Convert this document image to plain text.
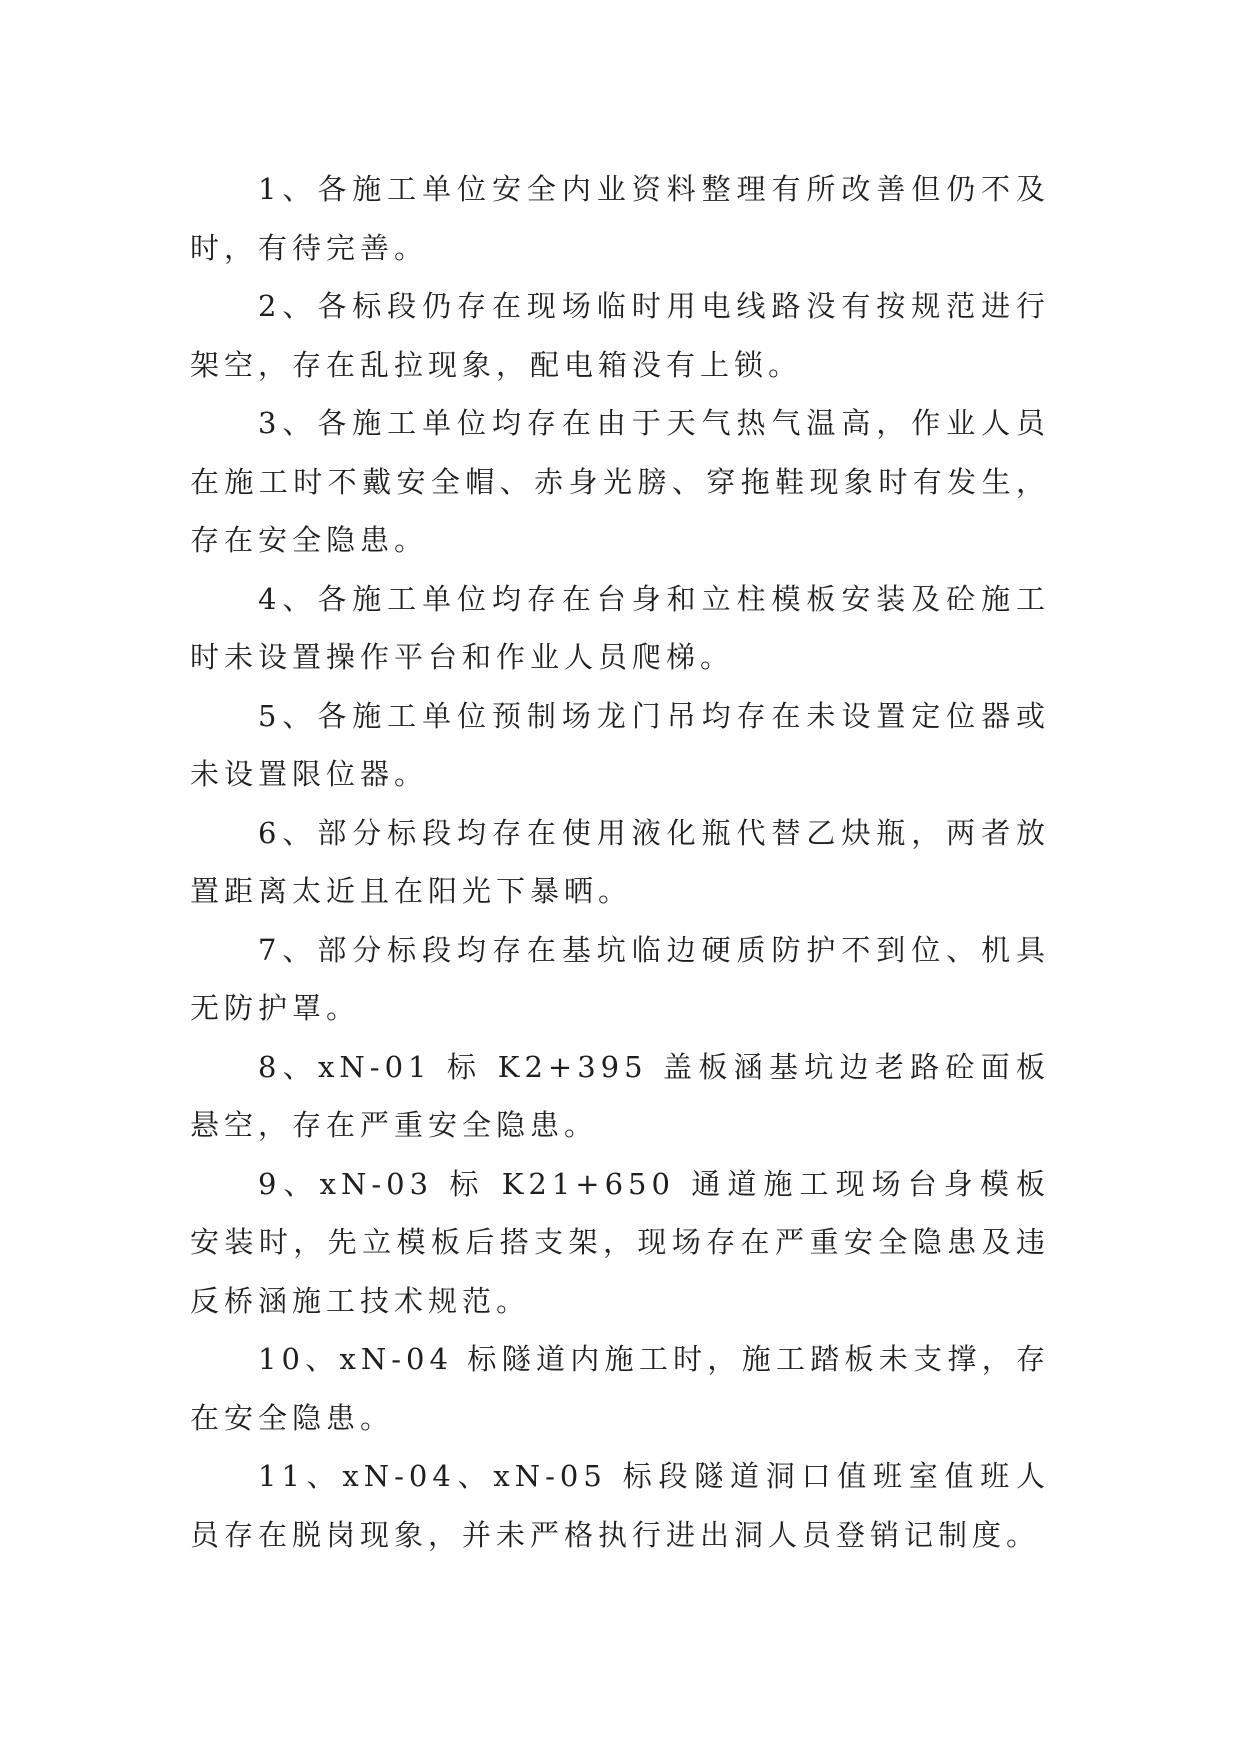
1、各施工单位安全内业资料整理有所改善但仍不及时，有待完善。

2、各标段仍存在现场临时用电线路没有按规范进行架空，存在乱拉现象，配电箱没有上锁。

3、各施工单位均存在由于天气热气温高，作业人员在施工时不戴安全帽、赤身光膀、穿拖鞋现象时有发生，存在安全隐患。

4、各施工单位均存在台身和立柱模板安装及砼施工时未设置操作平台和作业人员爬梯。

5、各施工单位预制场龙门吊均存在未设置定位器或未设置限位器。

6、部分标段均存在使用液化瓶代替乙炔瓶，两者放置距离太近且在阳光下暴晒。

7、部分标段均存在基坑临边硬质防护不到位、机具无防护罩。

8、xN-01 标 K2+395 盖板涵基坑边老路砼面板悬空，存在严重安全隐患。

9、xN-03 标 K21+650 通道施工现场台身模板安装时，先立模板后搭支架，现场存在严重安全隐患及违反桥涵施工技术规范。

10、xN-04 标隧道内施工时，施工踏板未支撑，存在安全隐患。

11、xN-04、xN-05 标段隧道洞口值班室值班人员存在脱岗现象，并未严格执行进出洞人员登销记制度。
